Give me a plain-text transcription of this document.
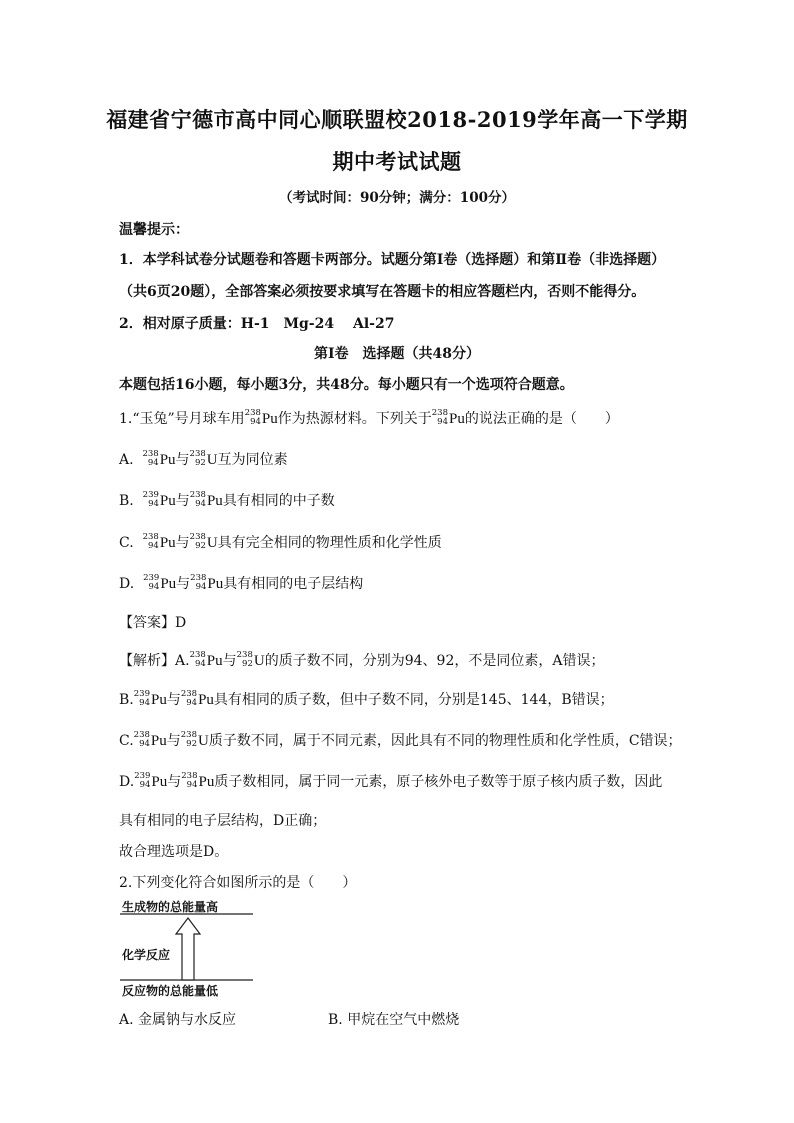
福建省宁德市高中同心顺联盟校2018-2019学年高一下学期
期中考试试题
（考试时间：90分钟；满分：100分）
温馨提示：
1．本学科试卷分试题卷和答题卡两部分。试题分第Ⅰ卷（选择题）和第Ⅱ卷（非选择题）
（共6页20题），全部答案必须按要求填写在答题卡的相应答题栏内，否则不能得分。
2．相对原子质量：H-1　Mg-24　 Al-27
第Ⅰ卷　选择题（共48分）
本题包括16小题，每小题3分，共48分。每小题只有一个选项符合题意。
1.“玉兔”号月球车用 238
94 Pu作为热源材料。下列关于 238
94 Pu的说法正确的是（　　）
A. 238
94 Pu与 238
92 U互为同位素
B. 239
94 Pu与 238
94 Pu具有相同的中子数
C. 238
94 Pu与 238
92 U具有完全相同的物理性质和化学性质
D. 239
94 Pu与 238
94 Pu具有相同的电子层结构
【答案】D
【解析】A. 238
94 Pu与 238
92 U的质子数不同，分别为94、92，不是同位素，A错误；
B. 239
94 Pu与 238
94 Pu具有相同的质子数，但中子数不同，分别是145、144，B错误；
C. 238
94 Pu与 238
92 U质子数不同，属于不同元素，因此具有不同的物理性质和化学性质，C错误；
D. 239
94 Pu与 238
94 Pu质子数相同，属于同一元素，原子核外电子数等于原子核内质子数，因此
具有相同的电子层结构，D正确；
故合理选项是D。
2.下列变化符合如图所示的是（　　）
生成物的总能量高
化学反应
反应物的总能量低
A. 金属钠与水反应	B. 甲烷在空气中燃烧
